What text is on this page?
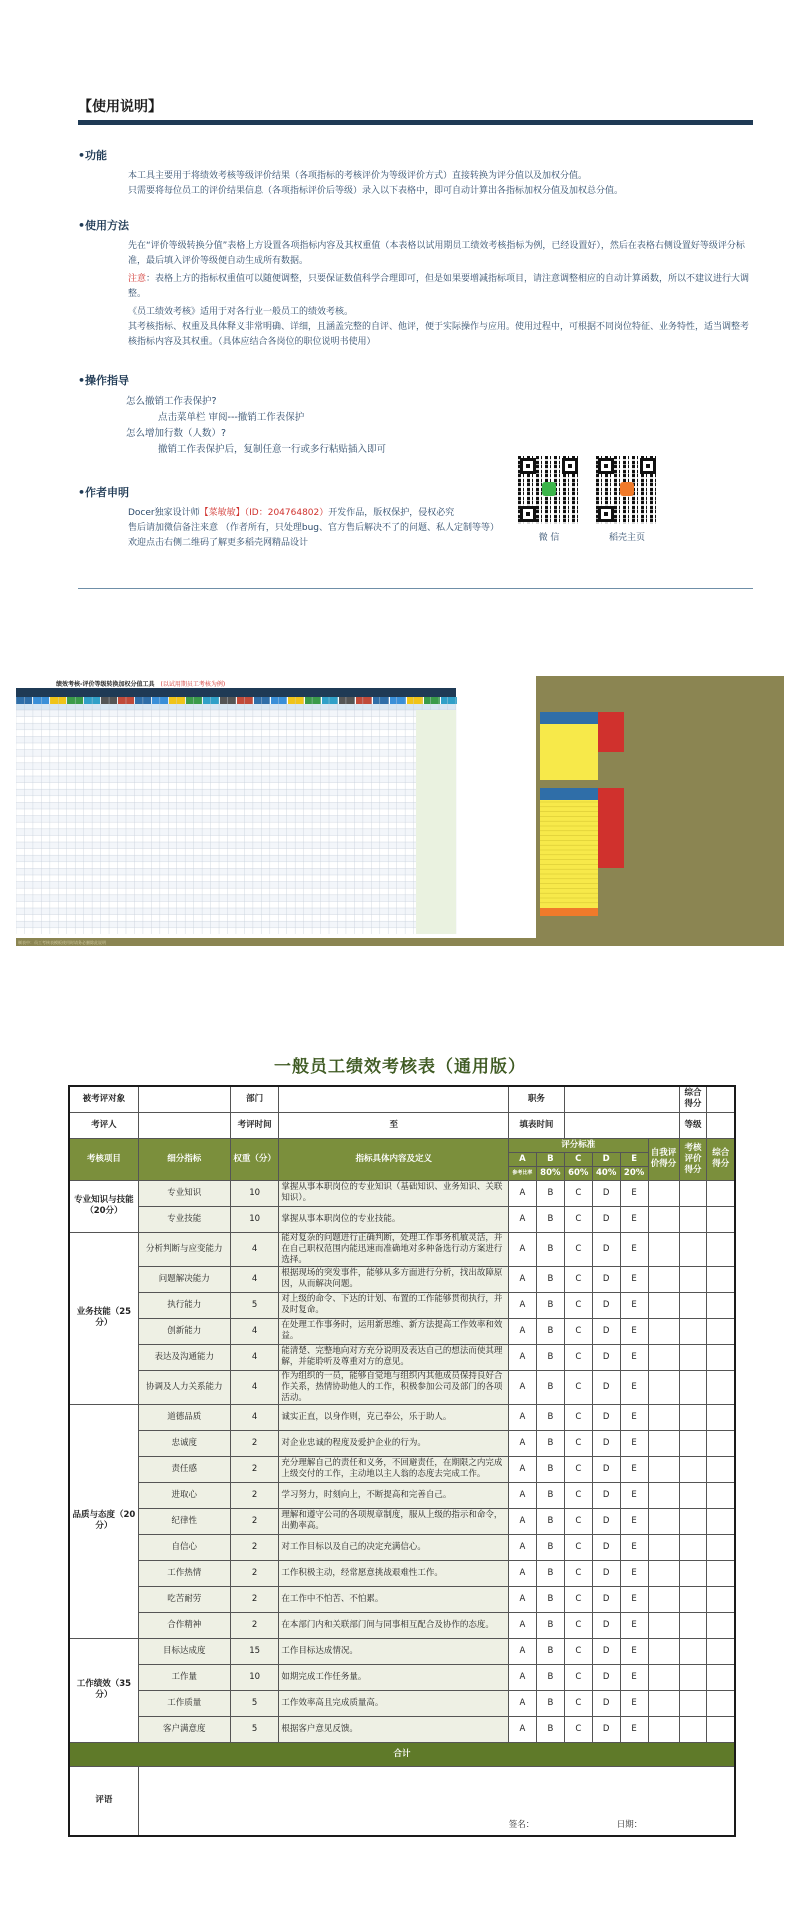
【使用说明】
•功能
本工具主要用于将绩效考核等级评价结果（各项指标的考核评价为等级评价方式）直接转换为评分值以及加权分值。
只需要将每位员工的评价结果信息（各项指标评价后等级）录入以下表格中，即可自动计算出各指标加权分值及加权总分值。
•使用方法
先在“评价等级转换分值”表格上方设置各项指标内容及其权重值（本表格以试用期员工绩效考核指标为例，已经设置好），然后在表格右侧设置好等级评分标准，最后填入评价等级便自动生成所有数据。
注意：表格上方的指标权重值可以随便调整，只要保证数值科学合理即可，但是如果要增减指标项目，请注意调整相应的自动计算函数，所以不建议进行大调整。
《员工绩效考核》适用于对各行业一般员工的绩效考核。
其考核指标、权重及具体释义非常明确、详细，且涵盖完整的自评、他评，便于实际操作与应用。使用过程中，可根据不同岗位特征、业务特性，适当调整考核指标内容及其权重。（具体应结合各岗位的职位说明书使用）
•操作指导
怎么撤销工作表保护?
点击菜单栏 审阅---撤销工作表保护
怎么增加行数（人数）?
撤销工作表保护后，复制任意一行或多行粘贴插入即可
•作者申明
Docer独家设计师【菜敏敏】（ID：204764802）开发作品，版权保护，侵权必究
售后请加微信备注来意 （作者所有，只处理bug、官方售后解决不了的问题、私人定制等等）
欢迎点击右侧二维码了解更多稻壳网精品设计	微 信	稻壳主页
绩效考核-评价等级转换加权分值工具 (以试用期员工考核为例)
制表中：员工考核表模板使用时请务必删除此说明
一般员工绩效考核表（通用版）
被考评对象		部门		职务						综合得分	
考评人		考评时间	至	填表时间						等级	
考核项目	细分指标	权重（分）	指标具体内容及定义	评分标准					自我评价得分	考核评价得分	综合得分
				A	B	C	D	E			
				参考比率	80%	60%	40%	20%			
专业知识与技能（20分）	专业知识	10	掌握从事本职岗位的专业知识（基础知识、业务知识、关联知识）。	A	B	C	D	E			
	专业技能	10	掌握从事本职岗位的专业技能。	A	B	C	D	E			
业务技能（25分）	分析判断与应变能力	4	能对复杂的问题进行正确判断，处理工作事务机敏灵活，并在自己职权范围内能迅速而准确地对多种备选行动方案进行选择。	A	B	C	D	E			
	问题解决能力	4	根据现场的突发事件，能够从多方面进行分析，找出故障原因，从而解决问题。	A	B	C	D	E			
	执行能力	5	对上级的命令、下达的计划、布置的工作能够贯彻执行，并及时复命。	A	B	C	D	E			
	创新能力	4	在处理工作事务时，运用新思维、新方法提高工作效率和效益。	A	B	C	D	E			
	表达及沟通能力	4	能清楚、完整地向对方充分说明及表达自己的想法而使其理解，并能聆听及尊重对方的意见。	A	B	C	D	E			
	协调及人力关系能力	4	作为组织的一员，能够自觉地与组织内其他成员保持良好合作关系，热情协助他人的工作，积极参加公司及部门的各项活动。	A	B	C	D	E			
品质与态度（20分）	道德品质	4	诚实正直，以身作则，克己奉公，乐于助人。	A	B	C	D	E			
	忠诚度	2	对企业忠诚的程度及爱护企业的行为。	A	B	C	D	E			
	责任感	2	充分理解自己的责任和义务，不回避责任，在期限之内完成上级交付的工作，主动地以主人翁的态度去完成工作。	A	B	C	D	E			
	进取心	2	学习努力，时刻向上，不断提高和完善自己。	A	B	C	D	E			
	纪律性	2	理解和遵守公司的各项规章制度，服从上级的指示和命令，出勤率高。	A	B	C	D	E			
	自信心	2	对工作目标以及自己的决定充满信心。	A	B	C	D	E			
	工作热情	2	工作积极主动，经常愿意挑战艰难性工作。	A	B	C	D	E			
	吃苦耐劳	2	在工作中不怕苦、不怕累。	A	B	C	D	E			
	合作精神	2	在本部门内和关联部门间与同事相互配合及协作的态度。	A	B	C	D	E			
工作绩效（35分）	目标达成度	15	工作目标达成情况。	A	B	C	D	E			
	工作量	10	如期完成工作任务量。	A	B	C	D	E			
	工作质量	5	工作效率高且完成质量高。	A	B	C	D	E			
	客户满意度	5	根据客户意见反馈。	A	B	C	D	E			
合计											
评语	签名： 日期：										
